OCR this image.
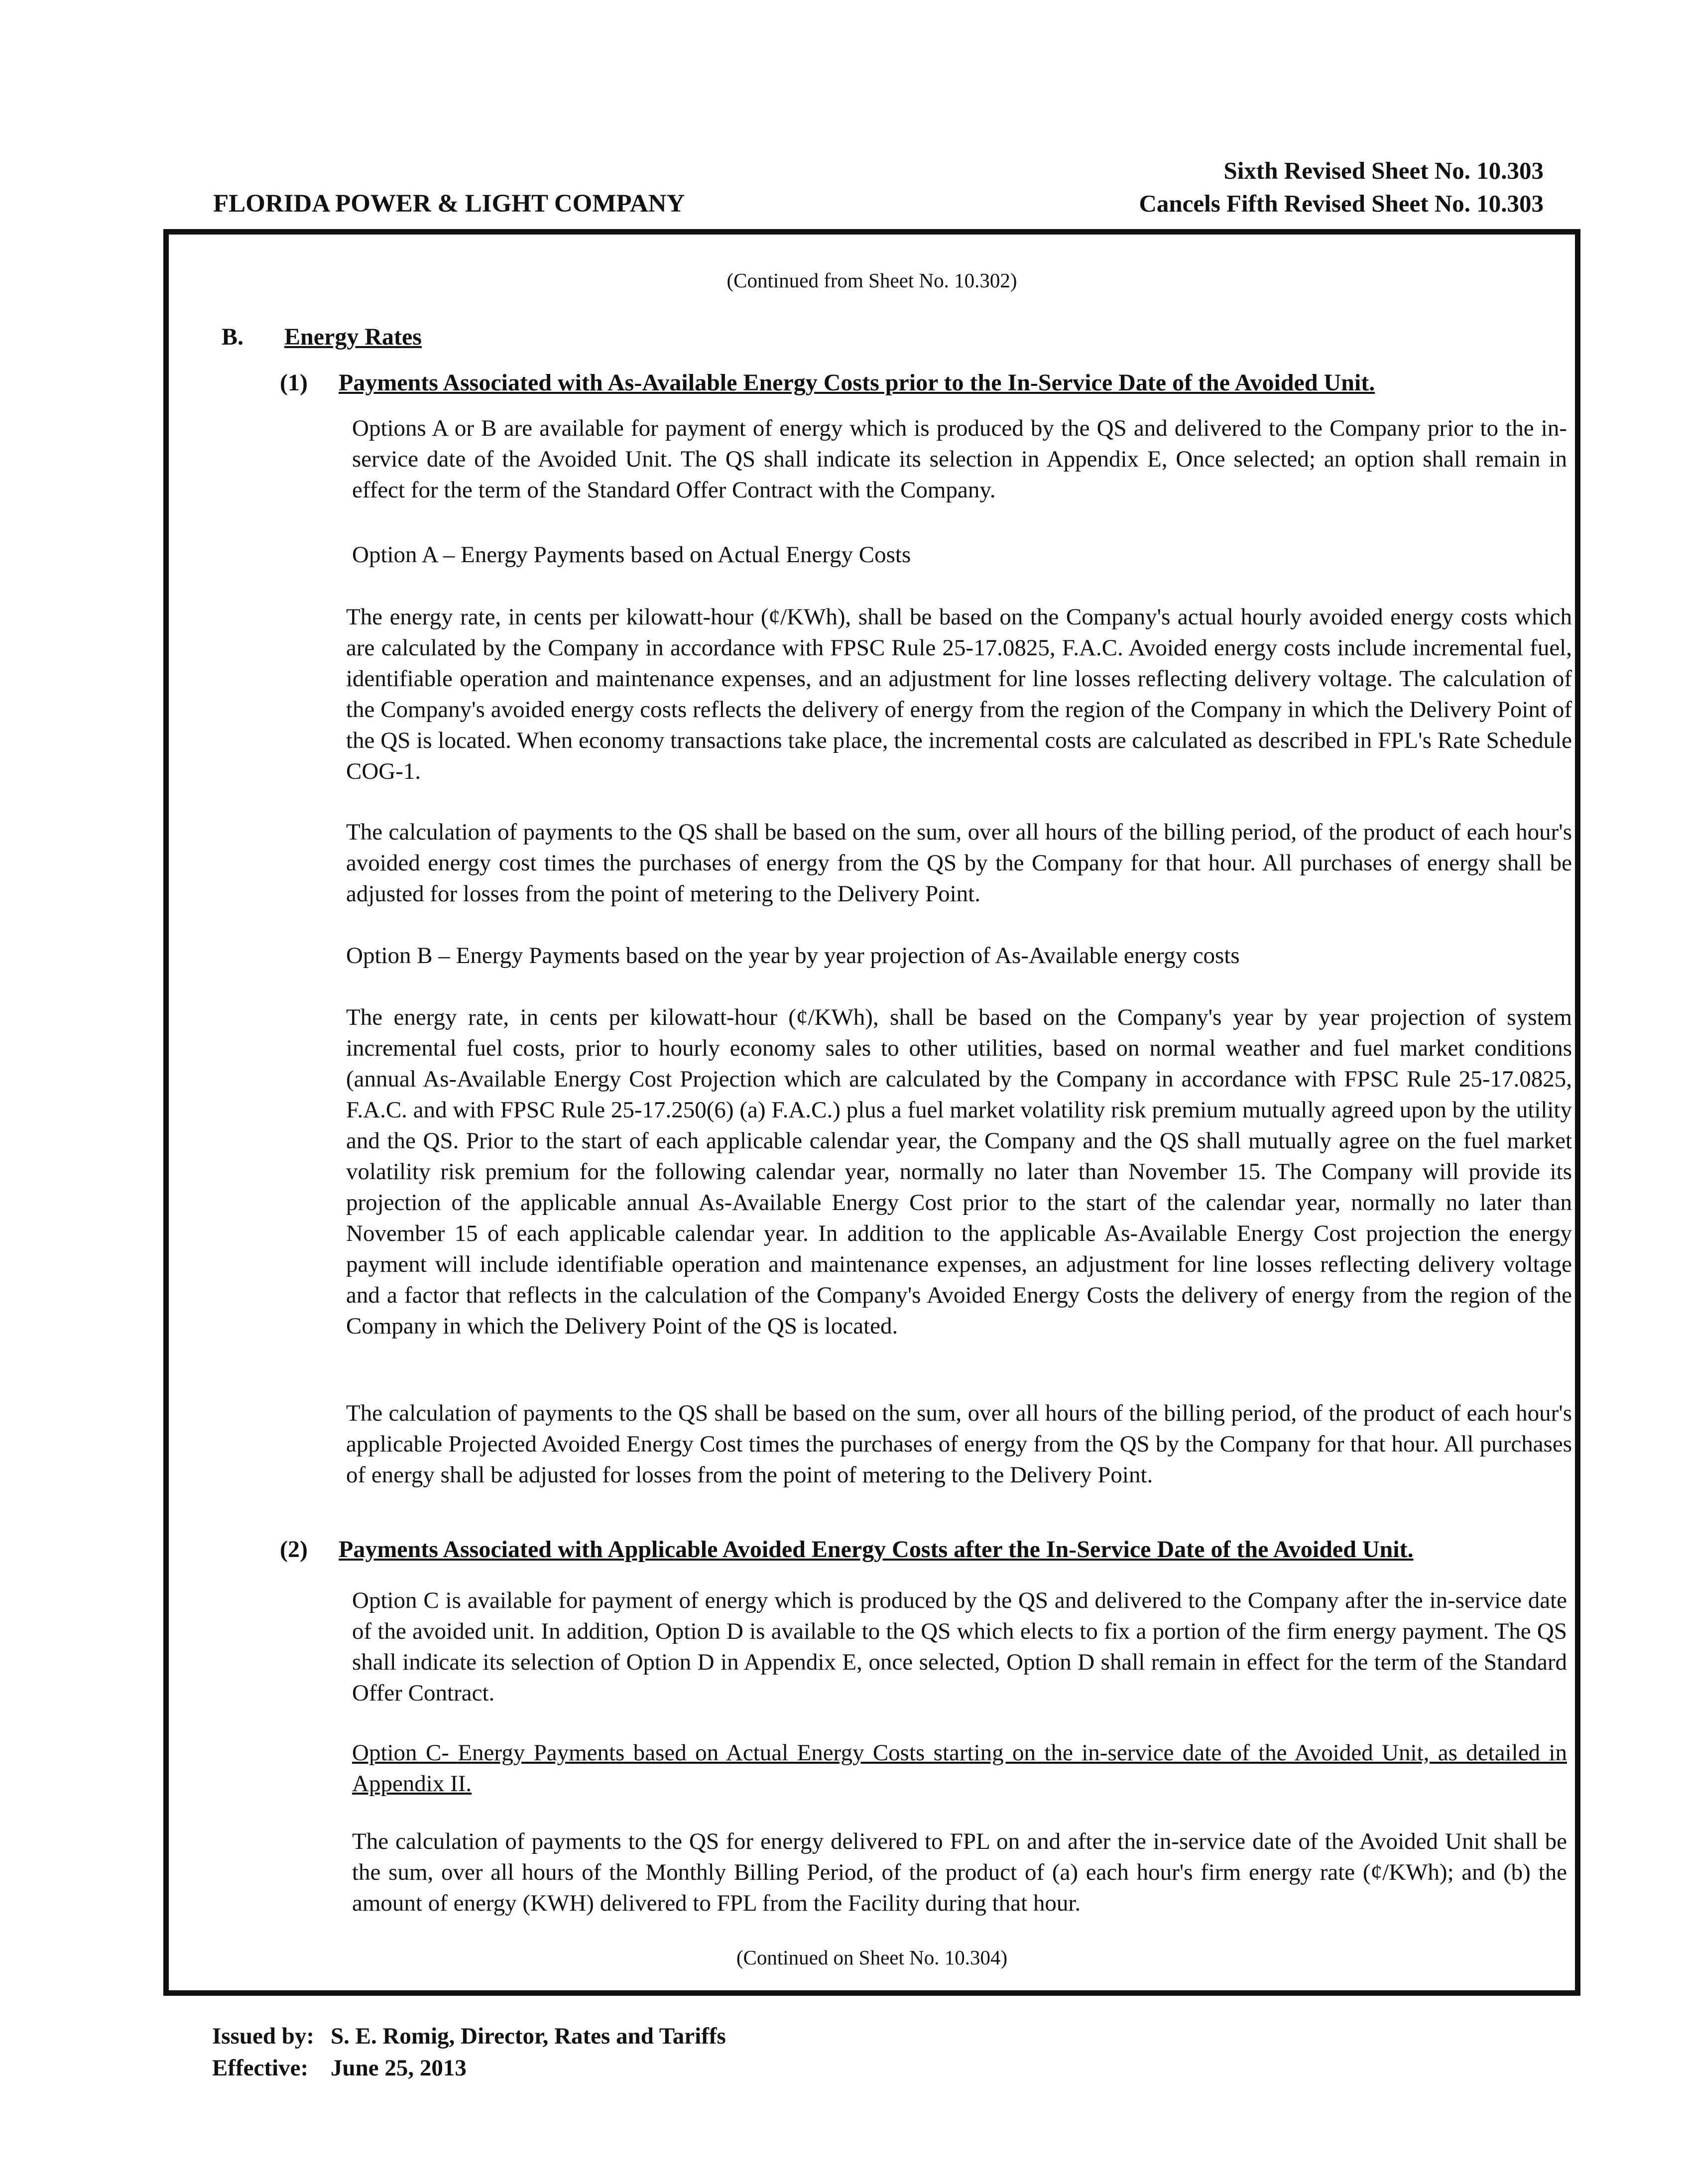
FLORIDA POWER & LIGHT COMPANY
Sixth Revised Sheet No. 10.303
Cancels Fifth Revised Sheet No. 10.303
(Continued from Sheet No. 10.302)
B. Energy Rates
(1) Payments Associated with As-Available Energy Costs prior to the In-Service Date of the Avoided Unit.

Options A or B are available for payment of energy which is produced by the QS and delivered to the Company prior to the in-service date of the Avoided Unit. The QS shall indicate its selection in Appendix E, Once selected; an option shall remain in effect for the term of the Standard Offer Contract with the Company.

Option A – Energy Payments based on Actual Energy Costs

The energy rate, in cents per kilowatt-hour (¢/KWh), shall be based on the Company's actual hourly avoided energy costs which are calculated by the Company in accordance with FPSC Rule 25-17.0825, F.A.C. Avoided energy costs include incremental fuel, identifiable operation and maintenance expenses, and an adjustment for line losses reflecting delivery voltage. The calculation of the Company's avoided energy costs reflects the delivery of energy from the region of the Company in which the Delivery Point of the QS is located. When economy transactions take place, the incremental costs are calculated as described in FPL's Rate Schedule COG-1.

The calculation of payments to the QS shall be based on the sum, over all hours of the billing period, of the product of each hour's avoided energy cost times the purchases of energy from the QS by the Company for that hour. All purchases of energy shall be adjusted for losses from the point of metering to the Delivery Point.

Option B – Energy Payments based on the year by year projection of As-Available energy costs

The energy rate, in cents per kilowatt-hour (¢/KWh), shall be based on the Company's year by year projection of system incremental fuel costs, prior to hourly economy sales to other utilities, based on normal weather and fuel market conditions (annual As-Available Energy Cost Projection which are calculated by the Company in accordance with FPSC Rule 25-17.0825, F.A.C. and with FPSC Rule 25-17.250(6) (a) F.A.C.) plus a fuel market volatility risk premium mutually agreed upon by the utility and the QS. Prior to the start of each applicable calendar year, the Company and the QS shall mutually agree on the fuel market volatility risk premium for the following calendar year, normally no later than November 15. The Company will provide its projection of the applicable annual As-Available Energy Cost prior to the start of the calendar year, normally no later than November 15 of each applicable calendar year. In addition to the applicable As-Available Energy Cost projection the energy payment will include identifiable operation and maintenance expenses, an adjustment for line losses reflecting delivery voltage and a factor that reflects in the calculation of the Company's Avoided Energy Costs the delivery of energy from the region of the Company in which the Delivery Point of the QS is located.

The calculation of payments to the QS shall be based on the sum, over all hours of the billing period, of the product of each hour's applicable Projected Avoided Energy Cost times the purchases of energy from the QS by the Company for that hour. All purchases of energy shall be adjusted for losses from the point of metering to the Delivery Point.

(2) Payments Associated with Applicable Avoided Energy Costs after the In-Service Date of the Avoided Unit.

Option C is available for payment of energy which is produced by the QS and delivered to the Company after the in-service date of the avoided unit. In addition, Option D is available to the QS which elects to fix a portion of the firm energy payment. The QS shall indicate its selection of Option D in Appendix E, once selected, Option D shall remain in effect for the term of the Standard Offer Contract.

Option C- Energy Payments based on Actual Energy Costs starting on the in-service date of the Avoided Unit, as detailed in Appendix II.

The calculation of payments to the QS for energy delivered to FPL on and after the in-service date of the Avoided Unit shall be the sum, over all hours of the Monthly Billing Period, of the product of (a) each hour's firm energy rate (¢/KWh); and (b) the amount of energy (KWH) delivered to FPL from the Facility during that hour.

(Continued on Sheet No. 10.304)
Issued by: S. E. Romig, Director, Rates and Tariffs
Effective: June 25, 2013
